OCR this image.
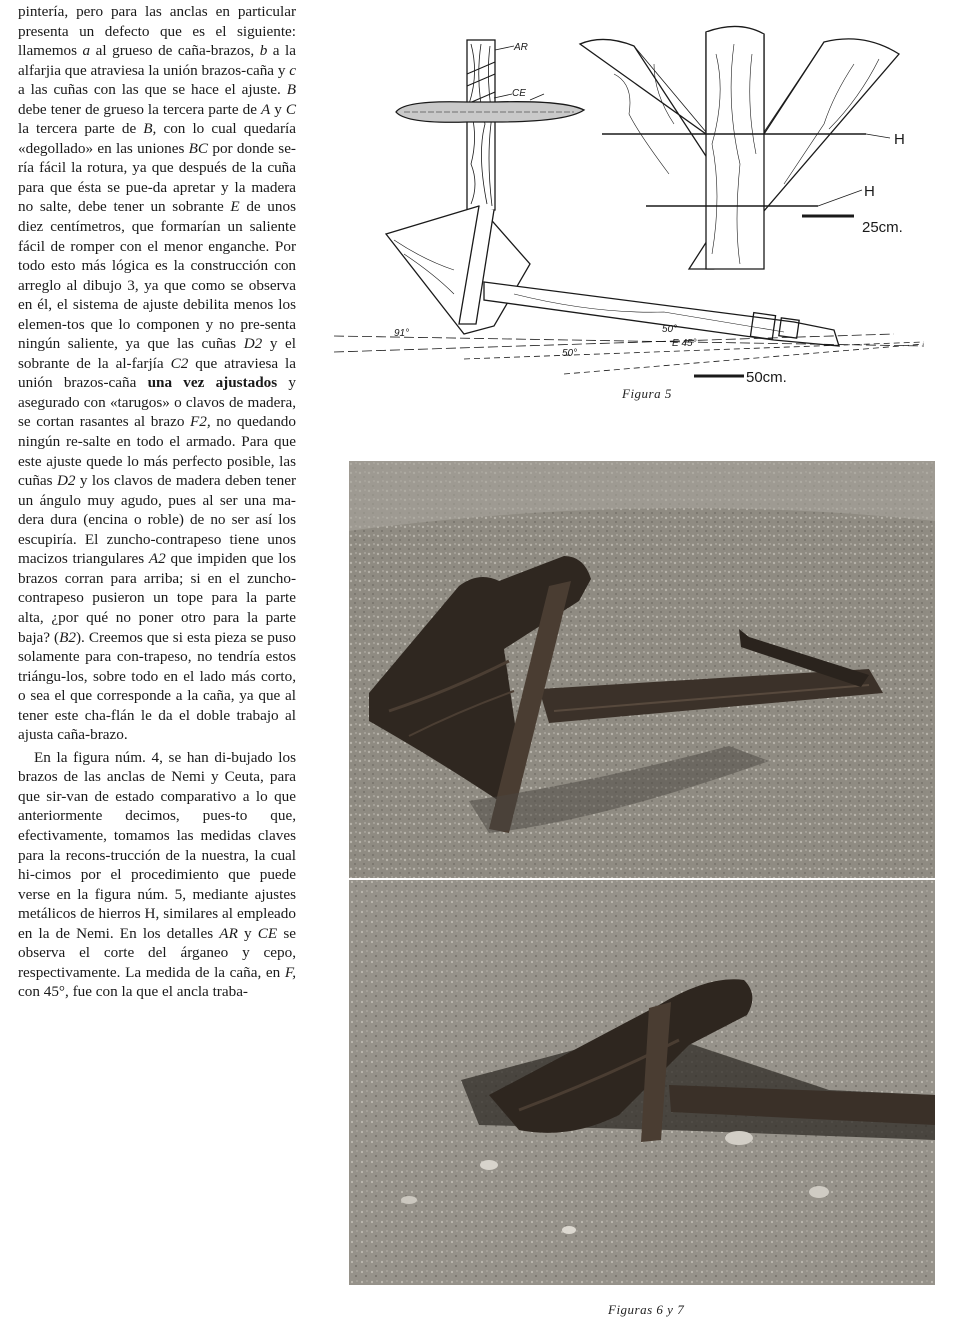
pintería, pero para las anclas en particular presenta un defecto que es el siguiente: llamemos a al grueso de caña-brazos, b a la alfarjia que atraviesa la unión brazos-caña y c a las cuñas con las que se hace el ajuste. B debe tener de grueso la tercera parte de A y C la tercera parte de B, con lo cual quedaría «degollado» en las uniones BC por donde se-ría fácil la rotura, ya que después de la cuña para que ésta se pue-da apretar y la madera no salte, debe tener un sobrante E de unos diez centímetros, que formarían un saliente fácil de romper con el menor enganche. Por todo esto más lógica es la construcción con arreglo al dibujo 3, ya que como se observa en él, el sistema de ajuste debilita menos los elemen-tos que lo componen y no pre-senta ningún saliente, ya que las cuñas D2 y el sobrante de la al-farjía C2 que atraviesa la unión brazos-caña una vez ajustados y asegurado con «tarugos» o clavos de madera, se cortan rasantes al brazo F2, no quedando ningún re-salte en todo el armado. Para que este ajuste quede lo más perfecto posible, las cuñas D2 y los clavos de madera deben tener un ángulo muy agudo, pues al ser una ma-dera dura (encina o roble) de no ser así los escupiría. El zuncho-contrapeso tiene unos macizos triangulares A2 que impiden que los brazos corran para arriba; si en el zuncho-contrapeso pusieron un tope para la parte alta, ¿por qué no poner otro para la parte baja? (B2). Creemos que si esta pieza se puso solamente para con-trapeso, no tendría estos triángu-los, sobre todo en el lado más corto, o sea el que corresponde a la caña, ya que al tener este cha-flán le da el doble trabajo al ajusta caña-brazo.

En la figura núm. 4, se han di-bujado los brazos de las anclas de Nemi y Ceuta, para que sir-van de estado comparativo a lo que anteriormente decimos, pues-to que, efectivamente, tomamos las medidas claves para la recons-trucción de la nuestra, la cual hi-cimos por el procedimiento que puede verse en la figura núm. 5, mediante ajustes metálicos de hierros H, similares al empleado en la de Nemi. En los detalles AR y CE se observa el corte del árganeo y cepo, respectivamente. La medida de la caña, en F, con 45°, fue con la que el ancla traba-

AR
CE
50°
50°
E 45°
91°
H
H
25cm.
50cm.
Figura 5
Figuras 6 y 7
